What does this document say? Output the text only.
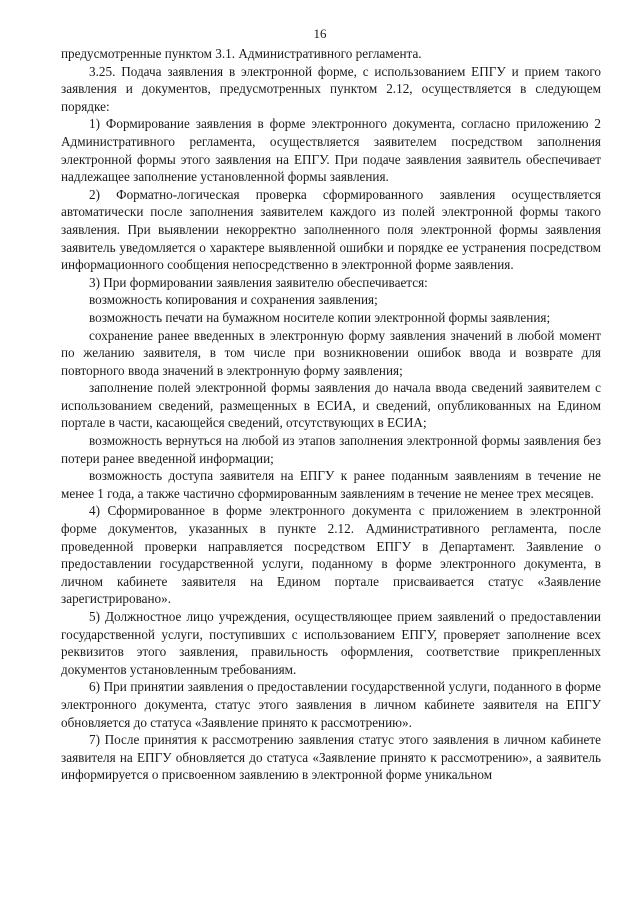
16

предусмотренные пунктом 3.1. Административного регламента.

3.25. Подача заявления в электронной форме, с использованием ЕПГУ и прием такого заявления и документов, предусмотренных пунктом 2.12, осуществляется в следующем порядке:

1) Формирование заявления в форме электронного документа, согласно приложению 2 Административного регламента, осуществляется заявителем посредством заполнения электронной формы этого заявления на ЕПГУ. При подаче заявления заявитель обеспечивает надлежащее заполнение установленной формы заявления.

2) Форматно-логическая проверка сформированного заявления осуществляется автоматически после заполнения заявителем каждого из полей электронной формы такого заявления. При выявлении некорректно заполненного поля электронной формы заявления заявитель уведомляется о характере выявленной ошибки и порядке ее устранения посредством информационного сообщения непосредственно в электронной форме заявления.

3) При формировании заявления заявителю обеспечивается:

возможность копирования и сохранения заявления;

возможность печати на бумажном носителе копии электронной формы заявления;

сохранение ранее введенных в электронную форму заявления значений в любой момент по желанию заявителя, в том числе при возникновении ошибок ввода и возврате для повторного ввода значений в электронную форму заявления;

заполнение полей электронной формы заявления до начала ввода сведений заявителем с использованием сведений, размещенных в ЕСИА, и сведений, опубликованных на Едином портале в части, касающейся сведений, отсутствующих в ЕСИА;

возможность вернуться на любой из этапов заполнения электронной формы заявления без потери ранее введенной информации;

возможность доступа заявителя на ЕПГУ к ранее поданным заявлениям в течение не менее 1 года, а также частично сформированным заявлениям в течение не менее трех месяцев.

4) Сформированное в форме электронного документа с приложением в электронной форме документов, указанных в пункте 2.12. Административного регламента, после проведенной проверки направляется посредством ЕПГУ в Департамент. Заявление о предоставлении государственной услуги, поданному в форме электронного документа, в личном кабинете заявителя на Едином портале присваивается статус «Заявление зарегистрировано».

5) Должностное лицо учреждения, осуществляющее прием заявлений о предоставлении государственной услуги, поступивших с использованием ЕПГУ, проверяет заполнение всех реквизитов этого заявления, правильность оформления, соответствие прикрепленных документов установленным требованиям.

6) При принятии заявления о предоставлении государственной услуги, поданного в форме электронного документа, статус этого заявления в личном кабинете заявителя на ЕПГУ обновляется до статуса «Заявление принято к рассмотрению».

7) После принятия к рассмотрению заявления статус этого заявления в личном кабинете заявителя на ЕПГУ обновляется до статуса «Заявление принято к рассмотрению», а заявитель информируется о присвоенном заявлению в электронной форме уникальном
